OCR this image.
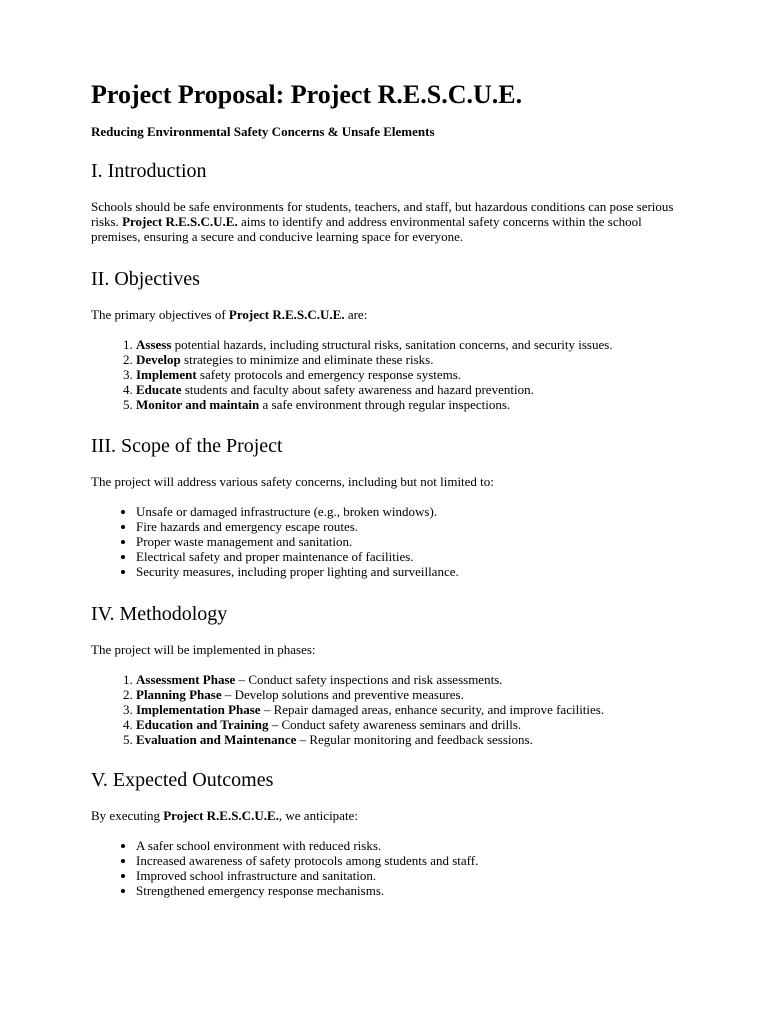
Project Proposal: Project R.E.S.C.U.E.
Reducing Environmental Safety Concerns & Unsafe Elements
I. Introduction

Schools should be safe environments for students, teachers, and staff, but hazardous conditions can pose serious risks. Project R.E.S.C.U.E. aims to identify and address environmental safety concerns within the school premises, ensuring a secure and conducive learning space for everyone.

II. Objectives

The primary objectives of Project R.E.S.C.U.E. are:

1. Assess potential hazards, including structural risks, sanitation concerns, and security issues.
2. Develop strategies to minimize and eliminate these risks.
3. Implement safety protocols and emergency response systems.
4. Educate students and faculty about safety awareness and hazard prevention.
5. Monitor and maintain a safe environment through regular inspections.
III. Scope of the Project

The project will address various safety concerns, including but not limited to:

• Unsafe or damaged infrastructure (e.g., broken windows).
• Fire hazards and emergency escape routes.
• Proper waste management and sanitation.
• Electrical safety and proper maintenance of facilities.
• Security measures, including proper lighting and surveillance.
IV. Methodology

The project will be implemented in phases:

1. Assessment Phase – Conduct safety inspections and risk assessments.
2. Planning Phase – Develop solutions and preventive measures.
3. Implementation Phase – Repair damaged areas, enhance security, and improve facilities.
4. Education and Training – Conduct safety awareness seminars and drills.
5. Evaluation and Maintenance – Regular monitoring and feedback sessions.
V. Expected Outcomes

By executing Project R.E.S.C.U.E., we anticipate:

• A safer school environment with reduced risks.
• Increased awareness of safety protocols among students and staff.
• Improved school infrastructure and sanitation.
• Strengthened emergency response mechanisms.
